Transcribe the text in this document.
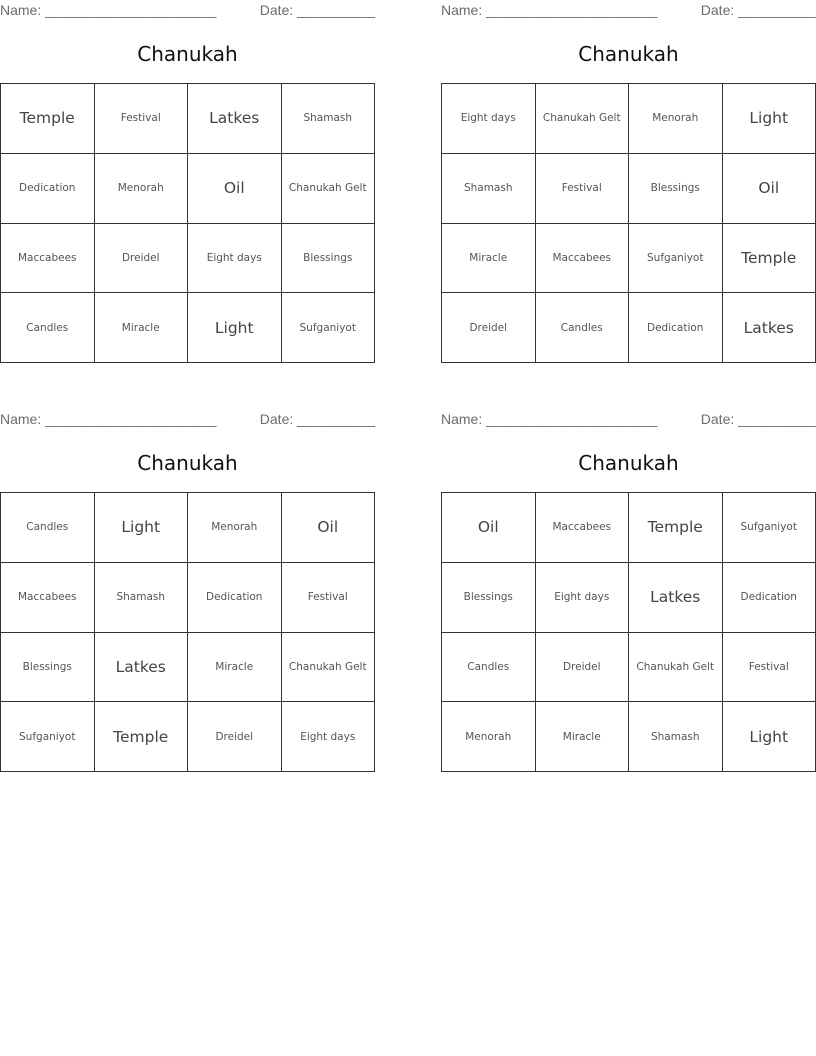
Name: ______________________	Date: __________
Chanukah
Temple	Festival	Latkes	Shamash
Dedication	Menorah	Oil	Chanukah Gelt
Maccabees	Dreidel	Eight days	Blessings
Candles	Miracle	Light	Sufganiyot
Name: ______________________	Date: __________
Chanukah
Eight days	Chanukah Gelt	Menorah	Light
Shamash	Festival	Blessings	Oil
Miracle	Maccabees	Sufganiyot	Temple
Dreidel	Candles	Dedication	Latkes
Name: ______________________	Date: __________
Chanukah
Candles	Light	Menorah	Oil
Maccabees	Shamash	Dedication	Festival
Blessings	Latkes	Miracle	Chanukah Gelt
Sufganiyot	Temple	Dreidel	Eight days
Name: ______________________	Date: __________
Chanukah
Oil	Maccabees	Temple	Sufganiyot
Blessings	Eight days	Latkes	Dedication
Candles	Dreidel	Chanukah Gelt	Festival
Menorah	Miracle	Shamash	Light
